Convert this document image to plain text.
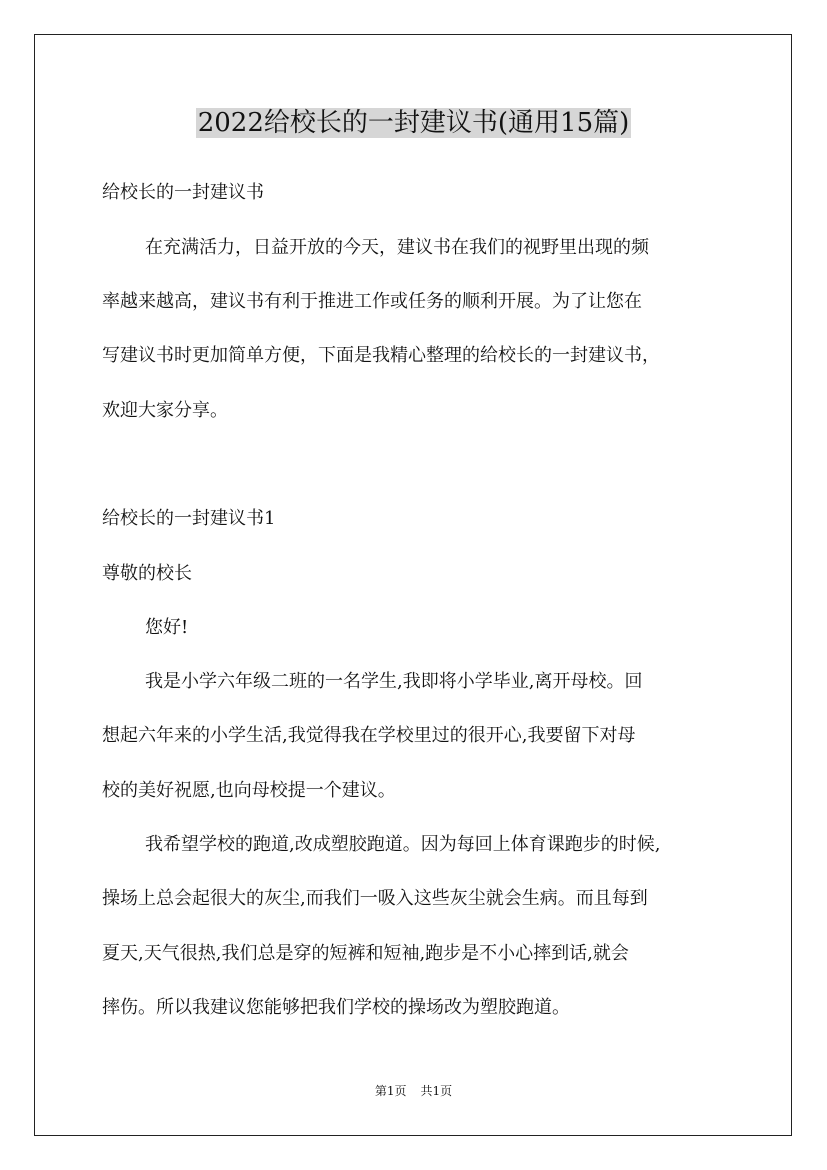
2022给校长的一封建议书(通用15篇)

给校长的一封建议书

在充满活力，日益开放的今天，建议书在我们的视野里出现的频

率越来越高，建议书有利于推进工作或任务的顺利开展。为了让您在

写建议书时更加简单方便，下面是我精心整理的给校长的一封建议书，

欢迎大家分享。

给校长的一封建议书1

尊敬的校长

您好!

我是小学六年级二班的一名学生,我即将小学毕业,离开母校。回

想起六年来的小学生活,我觉得我在学校里过的很开心,我要留下对母

校的美好祝愿,也向母校提一个建议。

我希望学校的跑道,改成塑胶跑道。因为每回上体育课跑步的时候,

操场上总会起很大的灰尘,而我们一吸入这些灰尘就会生病。而且每到

夏天,天气很热,我们总是穿的短裤和短袖,跑步是不小心摔到话,就会

摔伤。所以我建议您能够把我们学校的操场改为塑胶跑道。

第1页 共1页
